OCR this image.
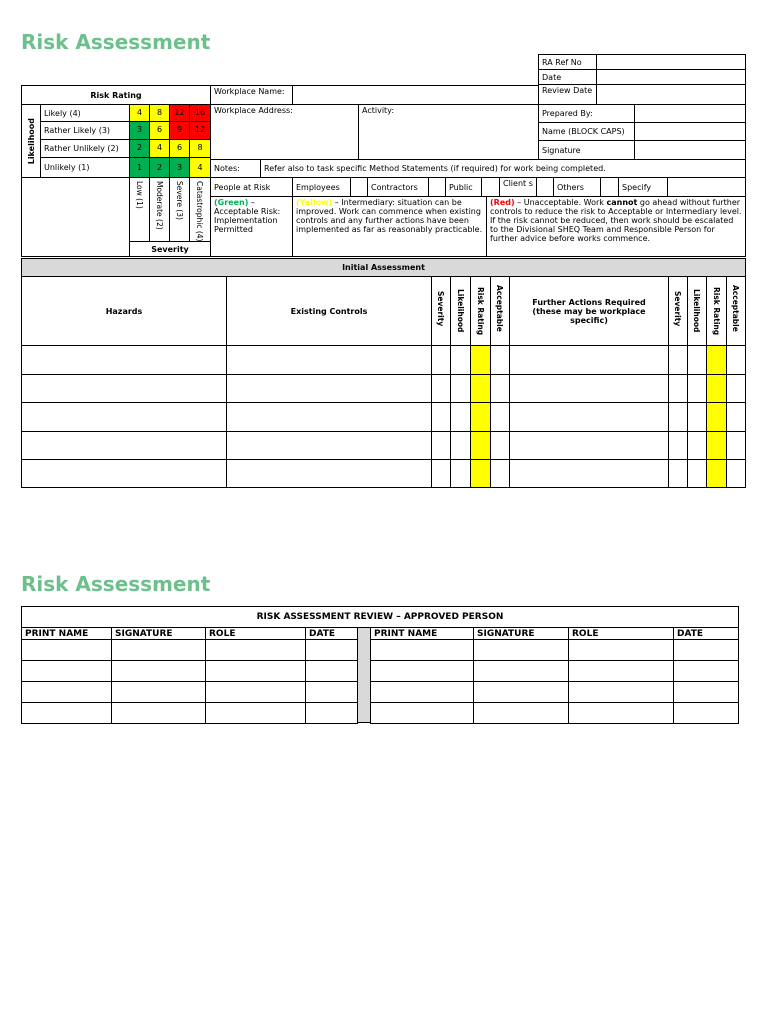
Risk Assessment
RA Ref No
Date
Review Date
Risk Rating	Workplace Name:
Likelihood
Likely (4)	4	8	12	16
Rather Likely (3)	3	6	9	12
Rather Unlikely (2)	2	4	6	8
Unlikely (1)	1	2	3	4
Low (1) Moderate (2) Severe (3) Catastrophic (4)
Severity
Workplace Address:	Activity:	Prepared By:
Name (BLOCK CAPS)
Signature
Notes:	Refer also to task specific Method Statements (if required) for work being completed.
People at Risk	Employees	Contractors	Public	Client s	Others	Specify
(Green) – Acceptable Risk: Implementation Permitted
(Yellow) – Intermediary: situation can be improved. Work can commence when existing controls and any further actions have been implemented as far as reasonably practicable.
(Red) – Unacceptable. Work cannot go ahead without further controls to reduce the risk to Acceptable or Intermediary level. If the risk cannot be reduced, then work should be escalated to the Divisional SHEQ Team and Responsible Person for further advice before works commence.
Initial Assessment
Hazards	Existing Controls	Severity Likelihood Risk Rating Acceptable	Further Actions Required (these may be workplace specific)	Severity Likelihood Risk Rating Acceptable
Risk Assessment
RISK ASSESSMENT REVIEW – APPROVED PERSON
PRINT NAME	SIGNATURE	ROLE	DATE	PRINT NAME	SIGNATURE	ROLE	DATE
